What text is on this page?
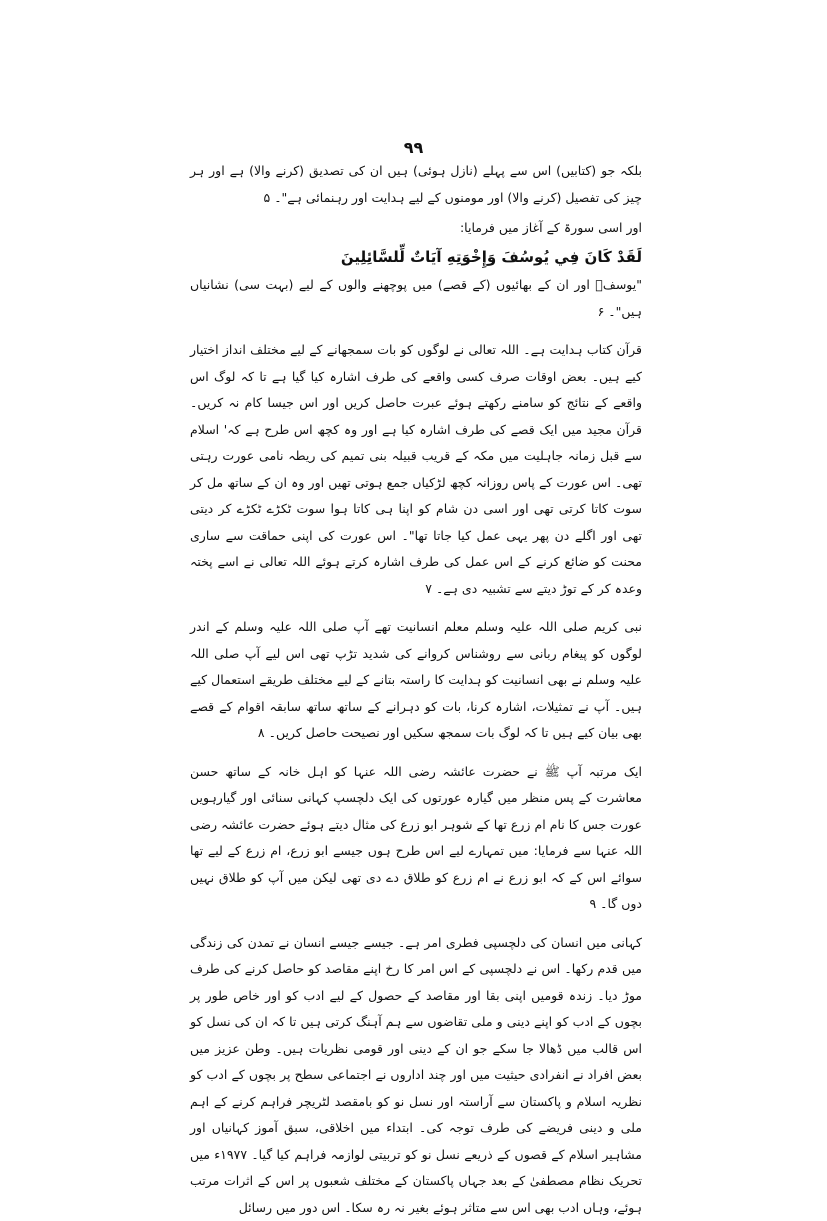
۹۹

بلکہ جو (کتابیں) اس سے پہلے (نازل ہوئی) ہیں ان کی تصدیق (کرنے والا) ہے اور ہر چیز کی تفصیل (کرنے والا) اور مومنوں کے لیے ہدایت اور رہنمائی ہے"۔ ۵

اور اسی سورۃ کے آغاز میں فرمایا:

لَقَدْ كَانَ فِي يُوسُفَ وَإِخْوَتِهِ آيَاتٌ لِّلسَّائِلِينَ

"یوسفؑ اور ان کے بھائیوں (کے قصے) میں پوچھنے والوں کے لیے (بہت سی) نشانیاں ہیں"۔ ۶

قرآن کتاب ہدایت ہے۔ اللہ تعالی نے لوگوں کو بات سمجھانے کے لیے مختلف انداز اختیار کیے ہیں۔ بعض اوقات صرف کسی واقعے کی طرف اشارہ کیا گیا ہے تا کہ لوگ اس واقعے کے نتائج کو سامنے رکھتے ہوئے عبرت حاصل کریں اور اس جیسا کام نہ کریں۔ قرآن مجید میں ایک قصے کی طرف اشارہ کیا ہے اور وہ کچھ اس طرح ہے کہ' اسلام سے قبل زمانہ جاہلیت میں مکہ کے قریب قبیلہ بنی تمیم کی ریطہ نامی عورت رہتی تھی۔ اس عورت کے پاس روزانہ کچھ لڑکیاں جمع ہوتی تھیں اور وہ ان کے ساتھ مل کر سوت کاتا کرتی تھی اور اسی دن شام کو اپنا ہی کاتا ہوا سوت ٹکڑے ٹکڑے کر دیتی تھی اور اگلے دن پھر یہی عمل کیا جاتا تھا"۔ اس عورت کی اپنی حماقت سے ساری محنت کو ضائع کرنے کے اس عمل کی طرف اشارہ کرتے ہوئے اللہ تعالی نے اسے پختہ وعدہ کر کے توڑ دیتے سے تشبیہ دی ہے۔ ۷

نبی کریم صلی اللہ علیہ وسلم معلم انسانیت تھے آپ صلی اللہ علیہ وسلم کے اندر لوگوں کو پیغام ربانی سے روشناس کروانے کی شدید تڑپ تھی اس لیے آپ صلی اللہ علیہ وسلم نے بھی انسانیت کو ہدایت کا راستہ بتانے کے لیے مختلف طریقے استعمال کیے ہیں۔ آپ نے تمثیلات، اشارہ کرنا، بات کو دہرانے کے ساتھ ساتھ سابقہ اقوام کے قصے بھی بیان کیے ہیں تا کہ لوگ بات سمجھ سکیں اور نصیحت حاصل کریں۔ ۸

ایک مرتبہ آپ ﷺ نے حضرت عائشہ رضی اللہ عنہا کو اہل خانہ کے ساتھ حسن معاشرت کے پس منظر میں گیارہ عورتوں کی ایک دلچسپ کہانی سنائی اور گیارہویں عورت جس کا نام ام زرع تھا کے شوہر ابو زرع کی مثال دیتے ہوئے حضرت عائشہ رضی اللہ عنہا سے فرمایا: میں تمہارے لیے اس طرح ہوں جیسے ابو زرع، ام زرع کے لیے تھا سوائے اس کے کہ ابو زرع نے ام زرع کو طلاق دے دی تھی لیکن میں آپ کو طلاق نہیں دوں گا۔ ۹

کہانی میں انسان کی دلچسپی فطری امر ہے۔ جیسے جیسے انسان نے تمدن کی زندگی میں قدم رکھا۔ اس نے دلچسپی کے اس امر کا رخ اپنے مقاصد کو حاصل کرنے کی طرف موڑ دیا۔ زندہ قومیں اپنی بقا اور مقاصد کے حصول کے لیے ادب کو اور خاص طور پر بچوں کے ادب کو اپنے دینی و ملی تقاضوں سے ہم آہنگ کرتی ہیں تا کہ ان کی نسل کو اس قالب میں ڈھالا جا سکے جو ان کے دینی اور قومی نظریات ہیں۔ وطن عزیز میں بعض افراد نے انفرادی حیثیت میں اور چند اداروں نے اجتماعی سطح پر بچوں کے ادب کو نظریہ اسلام و پاکستان سے آراستہ اور نسل نو کو بامقصد لٹریچر فراہم کرنے کے اہم ملی و دینی فریضے کی طرف توجہ کی۔ ابتداء میں اخلاقی، سبق آموز کہانیاں اور مشاہیر اسلام کے قصوں کے ذریعے نسل نو کو تربیتی لوازمہ فراہم کیا گیا۔ ۱۹۷۷ء میں تحریک نظام مصطفیٰ کے بعد جہاں پاکستان کے مختلف شعبوں پر اس کے اثرات مرتب ہوئے، وہاں ادب بھی اس سے متاثر ہوئے بغیر نہ رہ سکا۔ اس دور میں رسائل
